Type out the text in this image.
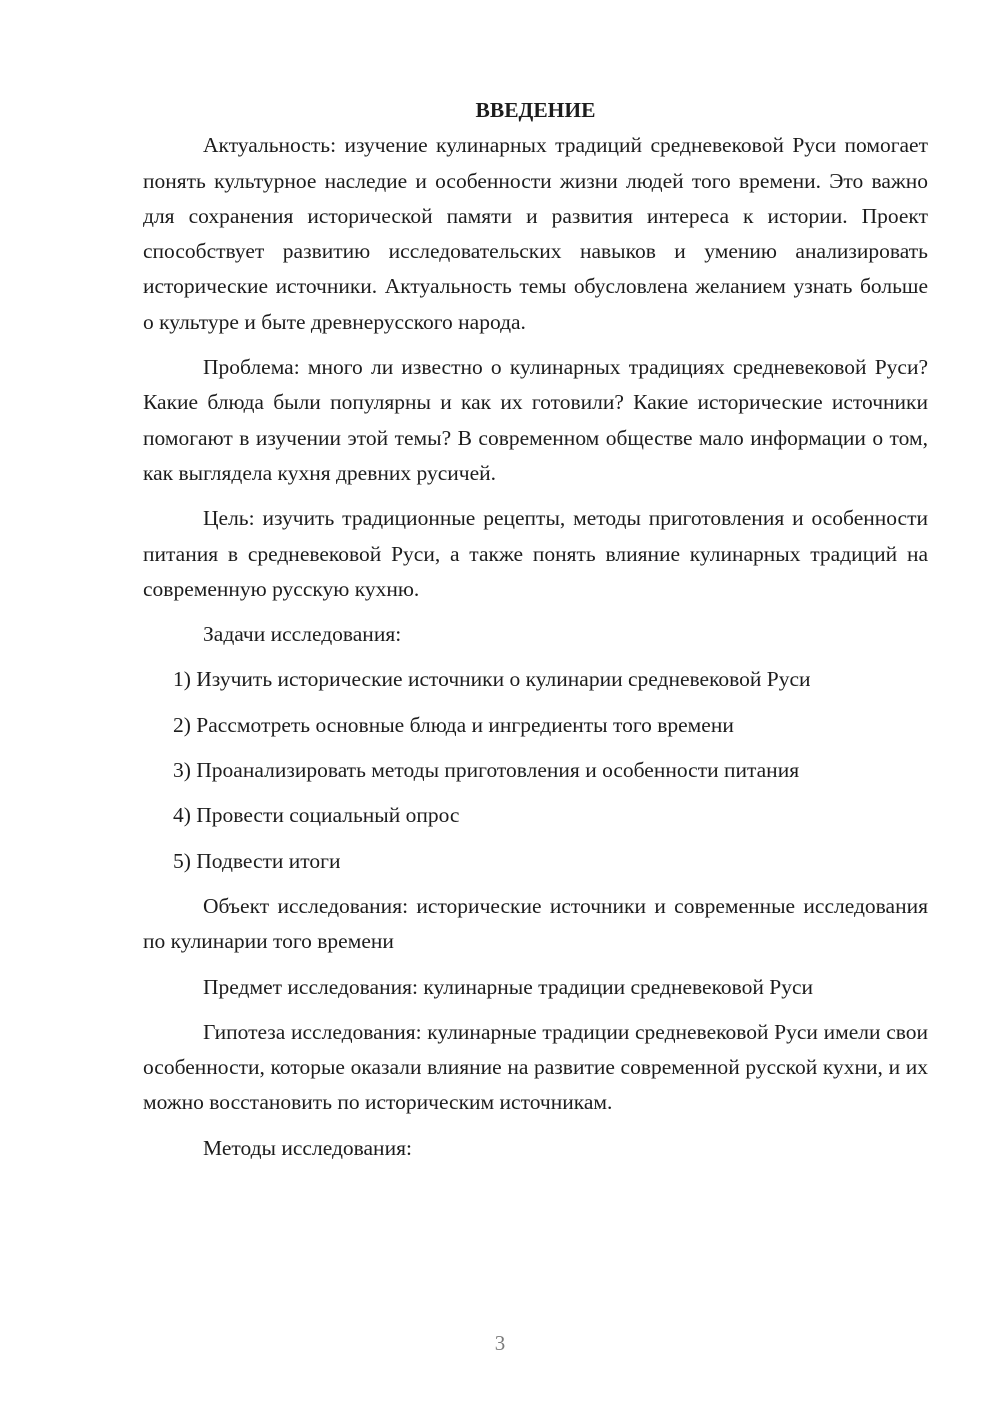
ВВЕДЕНИЕ

Актуальность: изучение кулинарных традиций средневековой Руси помогает понять культурное наследие и особенности жизни людей того времени. Это важно для сохранения исторической памяти и развития интереса к истории. Проект способствует развитию исследовательских навыков и умению анализировать исторические источники. Актуальность темы обусловлена желанием узнать больше о культуре и быте древнерусского народа.

Проблема: много ли известно о кулинарных традициях средневековой Руси? Какие блюда были популярны и как их готовили? Какие исторические источники помогают в изучении этой темы? В современном обществе мало информации о том, как выглядела кухня древних русичей.

Цель: изучить традиционные рецепты, методы приготовления и особенности питания в средневековой Руси, а также понять влияние кулинарных традиций на современную русскую кухню.

Задачи исследования:

1) Изучить исторические источники о кулинарии средневековой Руси

2) Рассмотреть основные блюда и ингредиенты того времени

3) Проанализировать методы приготовления и особенности питания

4) Провести социальный опрос

5) Подвести итоги

Объект исследования: исторические источники и современные исследования по кулинарии того времени

Предмет исследования: кулинарные традиции средневековой Руси

Гипотеза исследования: кулинарные традиции средневековой Руси имели свои особенности, которые оказали влияние на развитие современной русской кухни, и их можно восстановить по историческим источникам.

Методы исследования:

3
